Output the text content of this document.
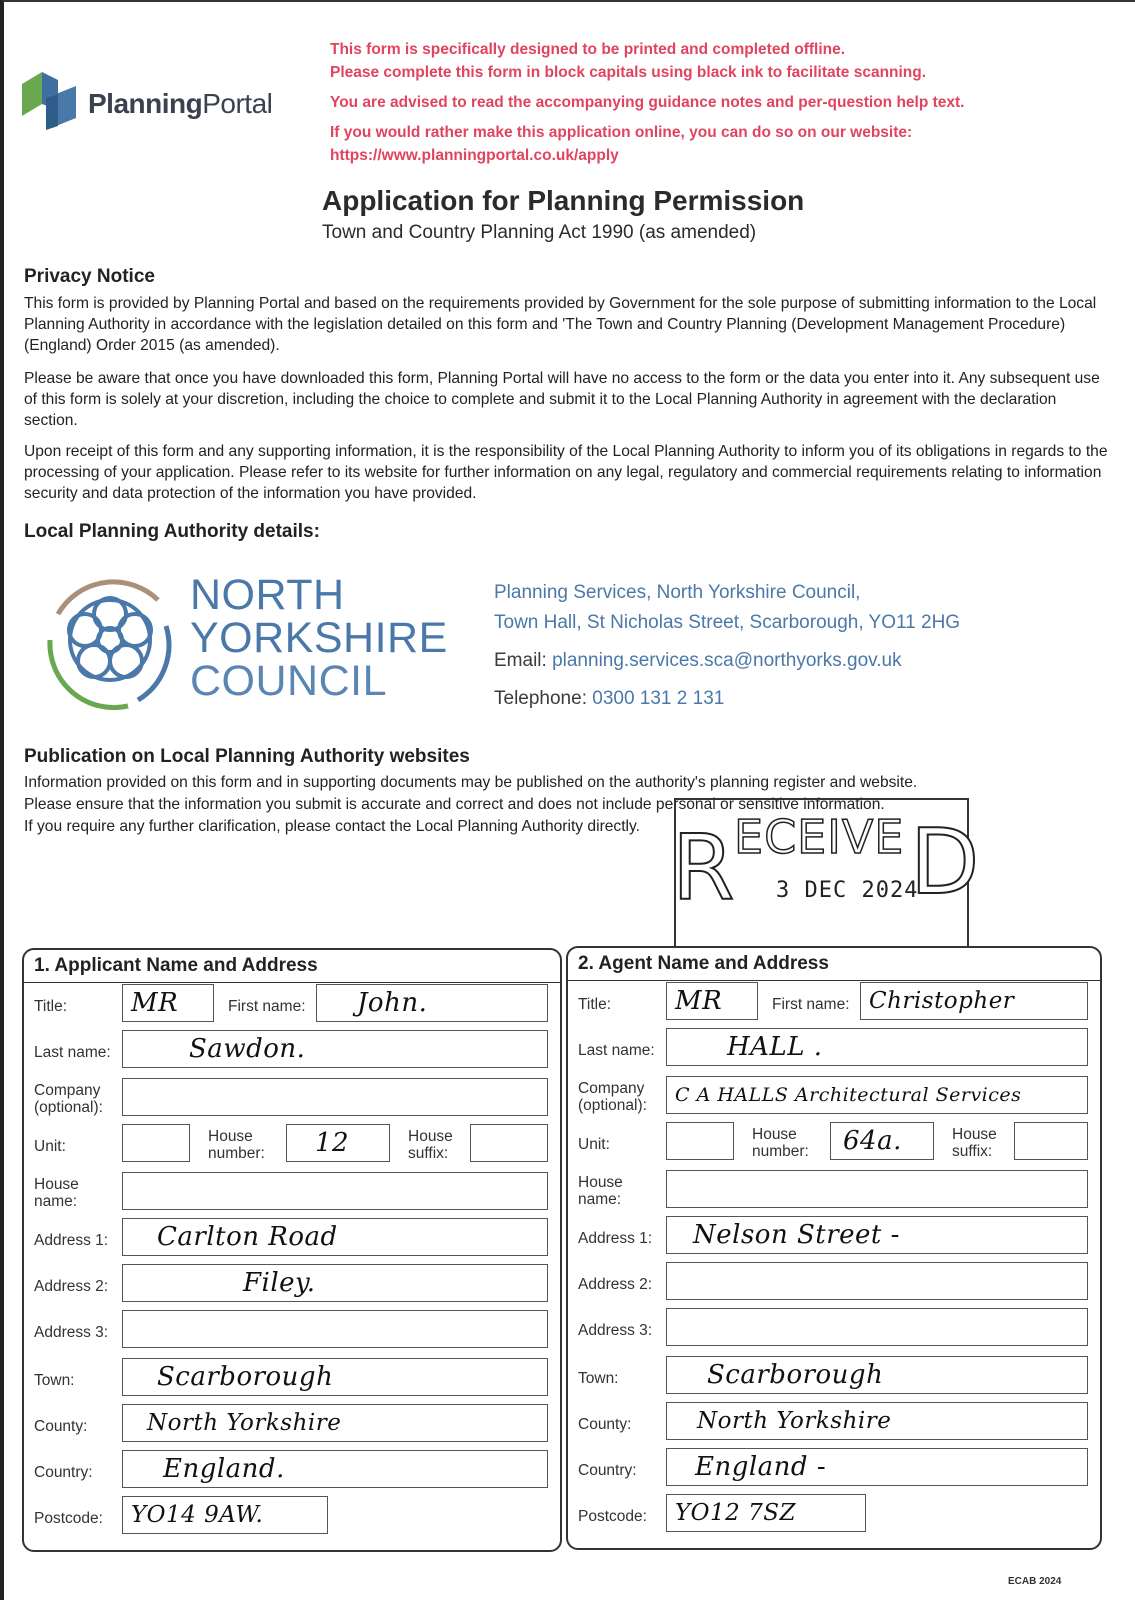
PlanningPortal

This form is specifically designed to be printed and completed offline.

Please complete this form in block capitals using black ink to facilitate scanning.

You are advised to read the accompanying guidance notes and per-question help text.

If you would rather make this application online, you can do so on our website:

https://www.planningportal.co.uk/apply

Application for Planning Permission
Town and Country Planning Act 1990 (as amended)
Privacy Notice
This form is provided by Planning Portal and based on the requirements provided by Government for the sole purpose of submitting information to the Local Planning Authority in accordance with the legislation detailed on this form and 'The Town and Country Planning (Development Management Procedure) (England) Order 2015 (as amended).
Please be aware that once you have downloaded this form, Planning Portal will have no access to the form or the data you enter into it. Any subsequent use of this form is solely at your discretion, including the choice to complete and submit it to the Local Planning Authority in agreement with the declaration section.
Upon receipt of this form and any supporting information, it is the responsibility of the Local Planning Authority to inform you of its obligations in regards to the processing of your application. Please refer to its website for further information on any legal, regulatory and commercial requirements relating to information security and data protection of the information you have provided.
Local Planning Authority details:
NORTH
YORKSHIRE
COUNCIL
Planning Services, North Yorkshire Council,
Town Hall, St Nicholas Street, Scarborough, YO11 2HG
Email: planning.services.sca@northyorks.gov.uk
Telephone: 0300 131 2 131
Publication on Local Planning Authority websites
Information provided on this form and in supporting documents may be published on the authority's planning register and website.
Please ensure that the information you submit is accurate and correct and does not include personal or sensitive information.
If you require any further clarification, please contact the Local Planning Authority directly. R ECEIVE D
3 DEC 2024
1. Applicant Name and Address
Title: MR	First name: John.
Last name:	Sawdon.
Company
(optional):
Unit:
House
number: 12	House
suffix:
House
name:
Address 1: Carlton Road
Address 2:	Filey.
Address 3:
Town:	Scarborough
County:	North Yorkshire
Country:	England.
Postcode: YO14 9AW.
2. Agent Name and Address
Title: MR	First name: Christopher
Last name:	HALL .
Company
(optional): C A HALLS Architectural Services
Unit:
House
number: 64a.	House
suffix:
House
name:
Address 1: Nelson Street -
Address 2:
Address 3:
Town:	Scarborough
County:	North Yorkshire
Country: England -
Postcode: YO12 7SZ
ECAB 2024
